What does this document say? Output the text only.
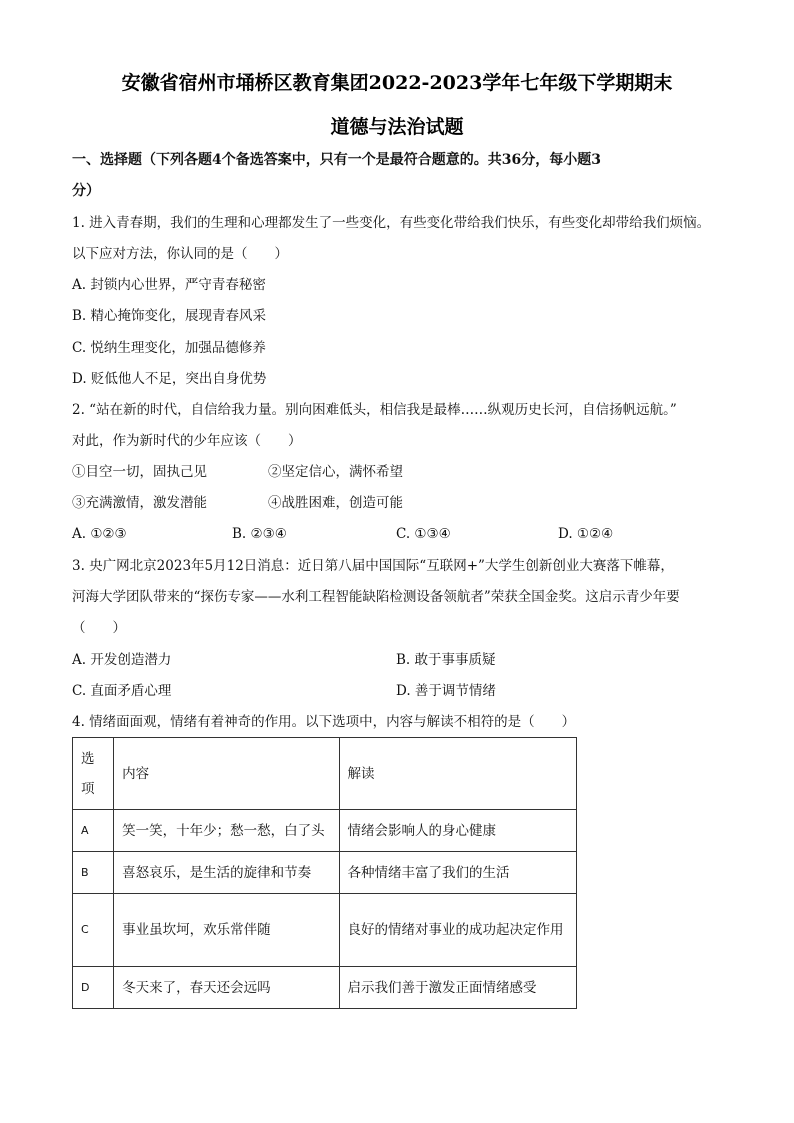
安徽省宿州市埇桥区教育集团2022-2023学年七年级下学期期末
道德与法治试题
一、选择题（下列各题4个备选答案中，只有一个是最符合题意的。共36分，每小题3
分）
1. 进入青春期，我们的生理和心理都发生了一些变化，有些变化带给我们快乐，有些变化却带给我们烦恼。
以下应对方法，你认同的是（　　）
A. 封锁内心世界，严守青春秘密
B. 精心掩饰变化，展现青春风采
C. 悦纳生理变化，加强品德修养
D. 贬低他人不足，突出自身优势
2. “站在新的时代，自信给我力量。别向困难低头，相信我是最棒……纵观历史长河，自信扬帆远航。”
对此，作为新时代的少年应该（　　）
①目空一切，固执己见	②坚定信心，满怀希望
③充满激情，激发潜能	④战胜困难，创造可能
A. ①②③	B. ②③④	C. ①③④	D. ①②④
3. 央广网北京2023年5月12日消息：近日第八届中国国际“互联网+”大学生创新创业大赛落下帷幕，
河海大学团队带来的“探伤专家——水利工程智能缺陷检测设备领航者”荣获全国金奖。这启示青少年要
（　　）
A. 开发创造潜力	B. 敢于事事质疑
C. 直面矛盾心理	D. 善于调节情绪
4. 情绪面面观，情绪有着神奇的作用。以下选项中，内容与解读不相符的是（　　）
选项	内容	解读
A	笑一笑，十年少；愁一愁，白了头	情绪会影响人的身心健康
B	喜怒哀乐，是生活的旋律和节奏	各种情绪丰富了我们的生活
C	事业虽坎坷，欢乐常伴随	良好的情绪对事业的成功起决定作用
D	冬天来了，春天还会远吗	启示我们善于激发正面情绪感受
